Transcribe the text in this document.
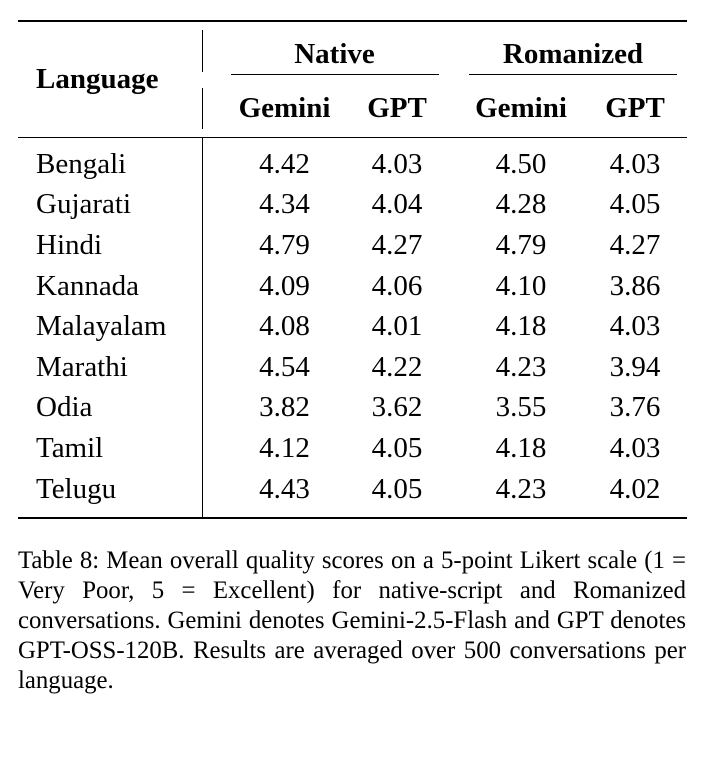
Language		Native			Romanized	

		Gemini	GPT		Gemini	GPT
Bengali		4.42	4.03		4.50	4.03
Gujarati		4.34	4.04		4.28	4.05
Hindi		4.79	4.27		4.79	4.27
Kannada		4.09	4.06		4.10	3.86
Malayalam		4.08	4.01		4.18	4.03
Marathi		4.54	4.22		4.23	3.94
Odia		3.82	3.62		3.55	3.76
Tamil		4.12	4.05		4.18	4.03
Telugu		4.43	4.05		4.23	4.02
Table 8: Mean overall quality scores on a 5-point Likert scale (1 = Very Poor, 5 = Excellent) for native-script and Romanized conversations. Gemini denotes Gemini-2.5-Flash and GPT denotes GPT-OSS-120B. Results are averaged over 500 conversations per language.
